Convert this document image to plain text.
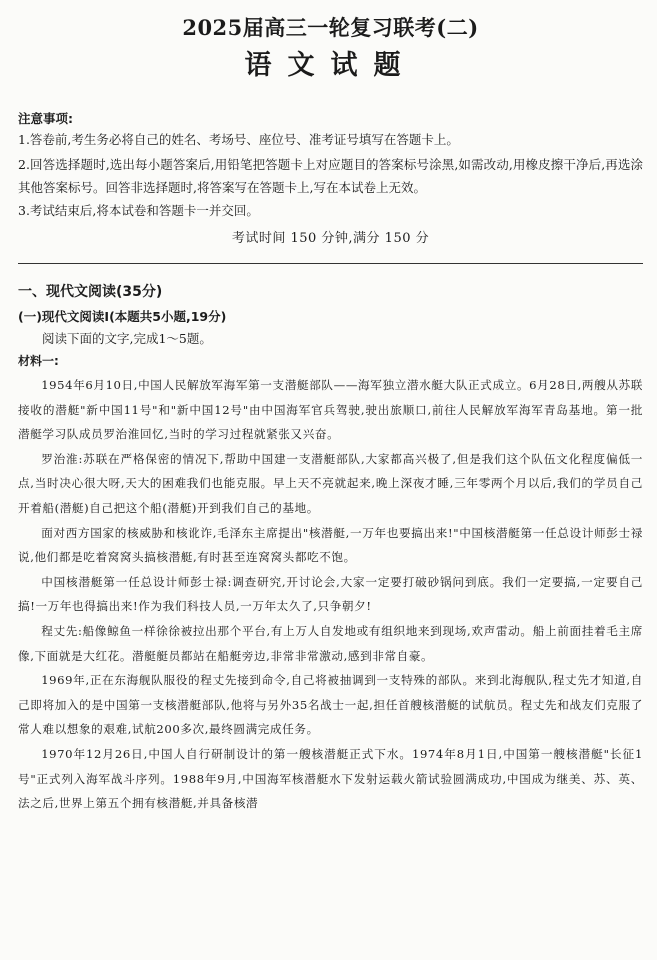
2025届高三一轮复习联考(二)
语文试题
注意事项:

1.答卷前,考生务必将自己的姓名、考场号、座位号、准考证号填写在答题卡上。

2.回答选择题时,选出每小题答案后,用铅笔把答题卡上对应题目的答案标号涂黑,如需改动,用橡皮擦干净后,再选涂其他答案标号。回答非选择题时,将答案写在答题卡上,写在本试卷上无效。

3.考试结束后,将本试卷和答题卡一并交回。

考试时间 150 分钟,满分 150 分
一、现代文阅读(35分)
(一)现代文阅读Ⅰ(本题共5小题,19分)
阅读下面的文字,完成1～5题。
材料一:

1954年6月10日,中国人民解放军海军第一支潜艇部队——海军独立潜水艇大队正式成立。6月28日,两艘从苏联接收的潜艇"新中国11号"和"新中国12号"由中国海军官兵驾驶,驶出旅顺口,前往人民解放军海军青岛基地。第一批潜艇学习队成员罗治淮回忆,当时的学习过程就紧张又兴奋。

罗治淮:苏联在严格保密的情况下,帮助中国建一支潜艇部队,大家都高兴极了,但是我们这个队伍文化程度偏低一点,当时决心很大呀,天大的困难我们也能克服。早上天不亮就起来,晚上深夜才睡,三年零两个月以后,我们的学员自己开着船(潜艇)自己把这个船(潜艇)开到我们自己的基地。

面对西方国家的核威胁和核讹诈,毛泽东主席提出"核潜艇,一万年也要搞出来!"中国核潜艇第一任总设计师彭士禄说,他们都是吃着窝窝头搞核潜艇,有时甚至连窝窝头都吃不饱。

中国核潜艇第一任总设计师彭士禄:调查研究,开讨论会,大家一定要打破砂锅问到底。我们一定要搞,一定要自己搞!一万年也得搞出来!作为我们科技人员,一万年太久了,只争朝夕!

程丈先:船像鲸鱼一样徐徐被拉出那个平台,有上万人自发地或有组织地来到现场,欢声雷动。船上前面挂着毛主席像,下面就是大红花。潜艇艇员都站在船艇旁边,非常非常激动,感到非常自豪。

1969年,正在东海舰队服役的程丈先接到命令,自己将被抽调到一支特殊的部队。来到北海舰队,程丈先才知道,自己即将加入的是中国第一支核潜艇部队,他将与另外35名战士一起,担任首艘核潜艇的试航员。程丈先和战友们克服了常人难以想象的艰难,试航200多次,最终圆满完成任务。

1970年12月26日,中国人自行研制设计的第一艘核潜艇正式下水。1974年8月1日,中国第一艘核潜艇"长征1号"正式列入海军战斗序列。1988年9月,中国海军核潜艇水下发射运载火箭试验圆满成功,中国成为继美、苏、英、法之后,世界上第五个拥有核潜艇,并具备核潜
